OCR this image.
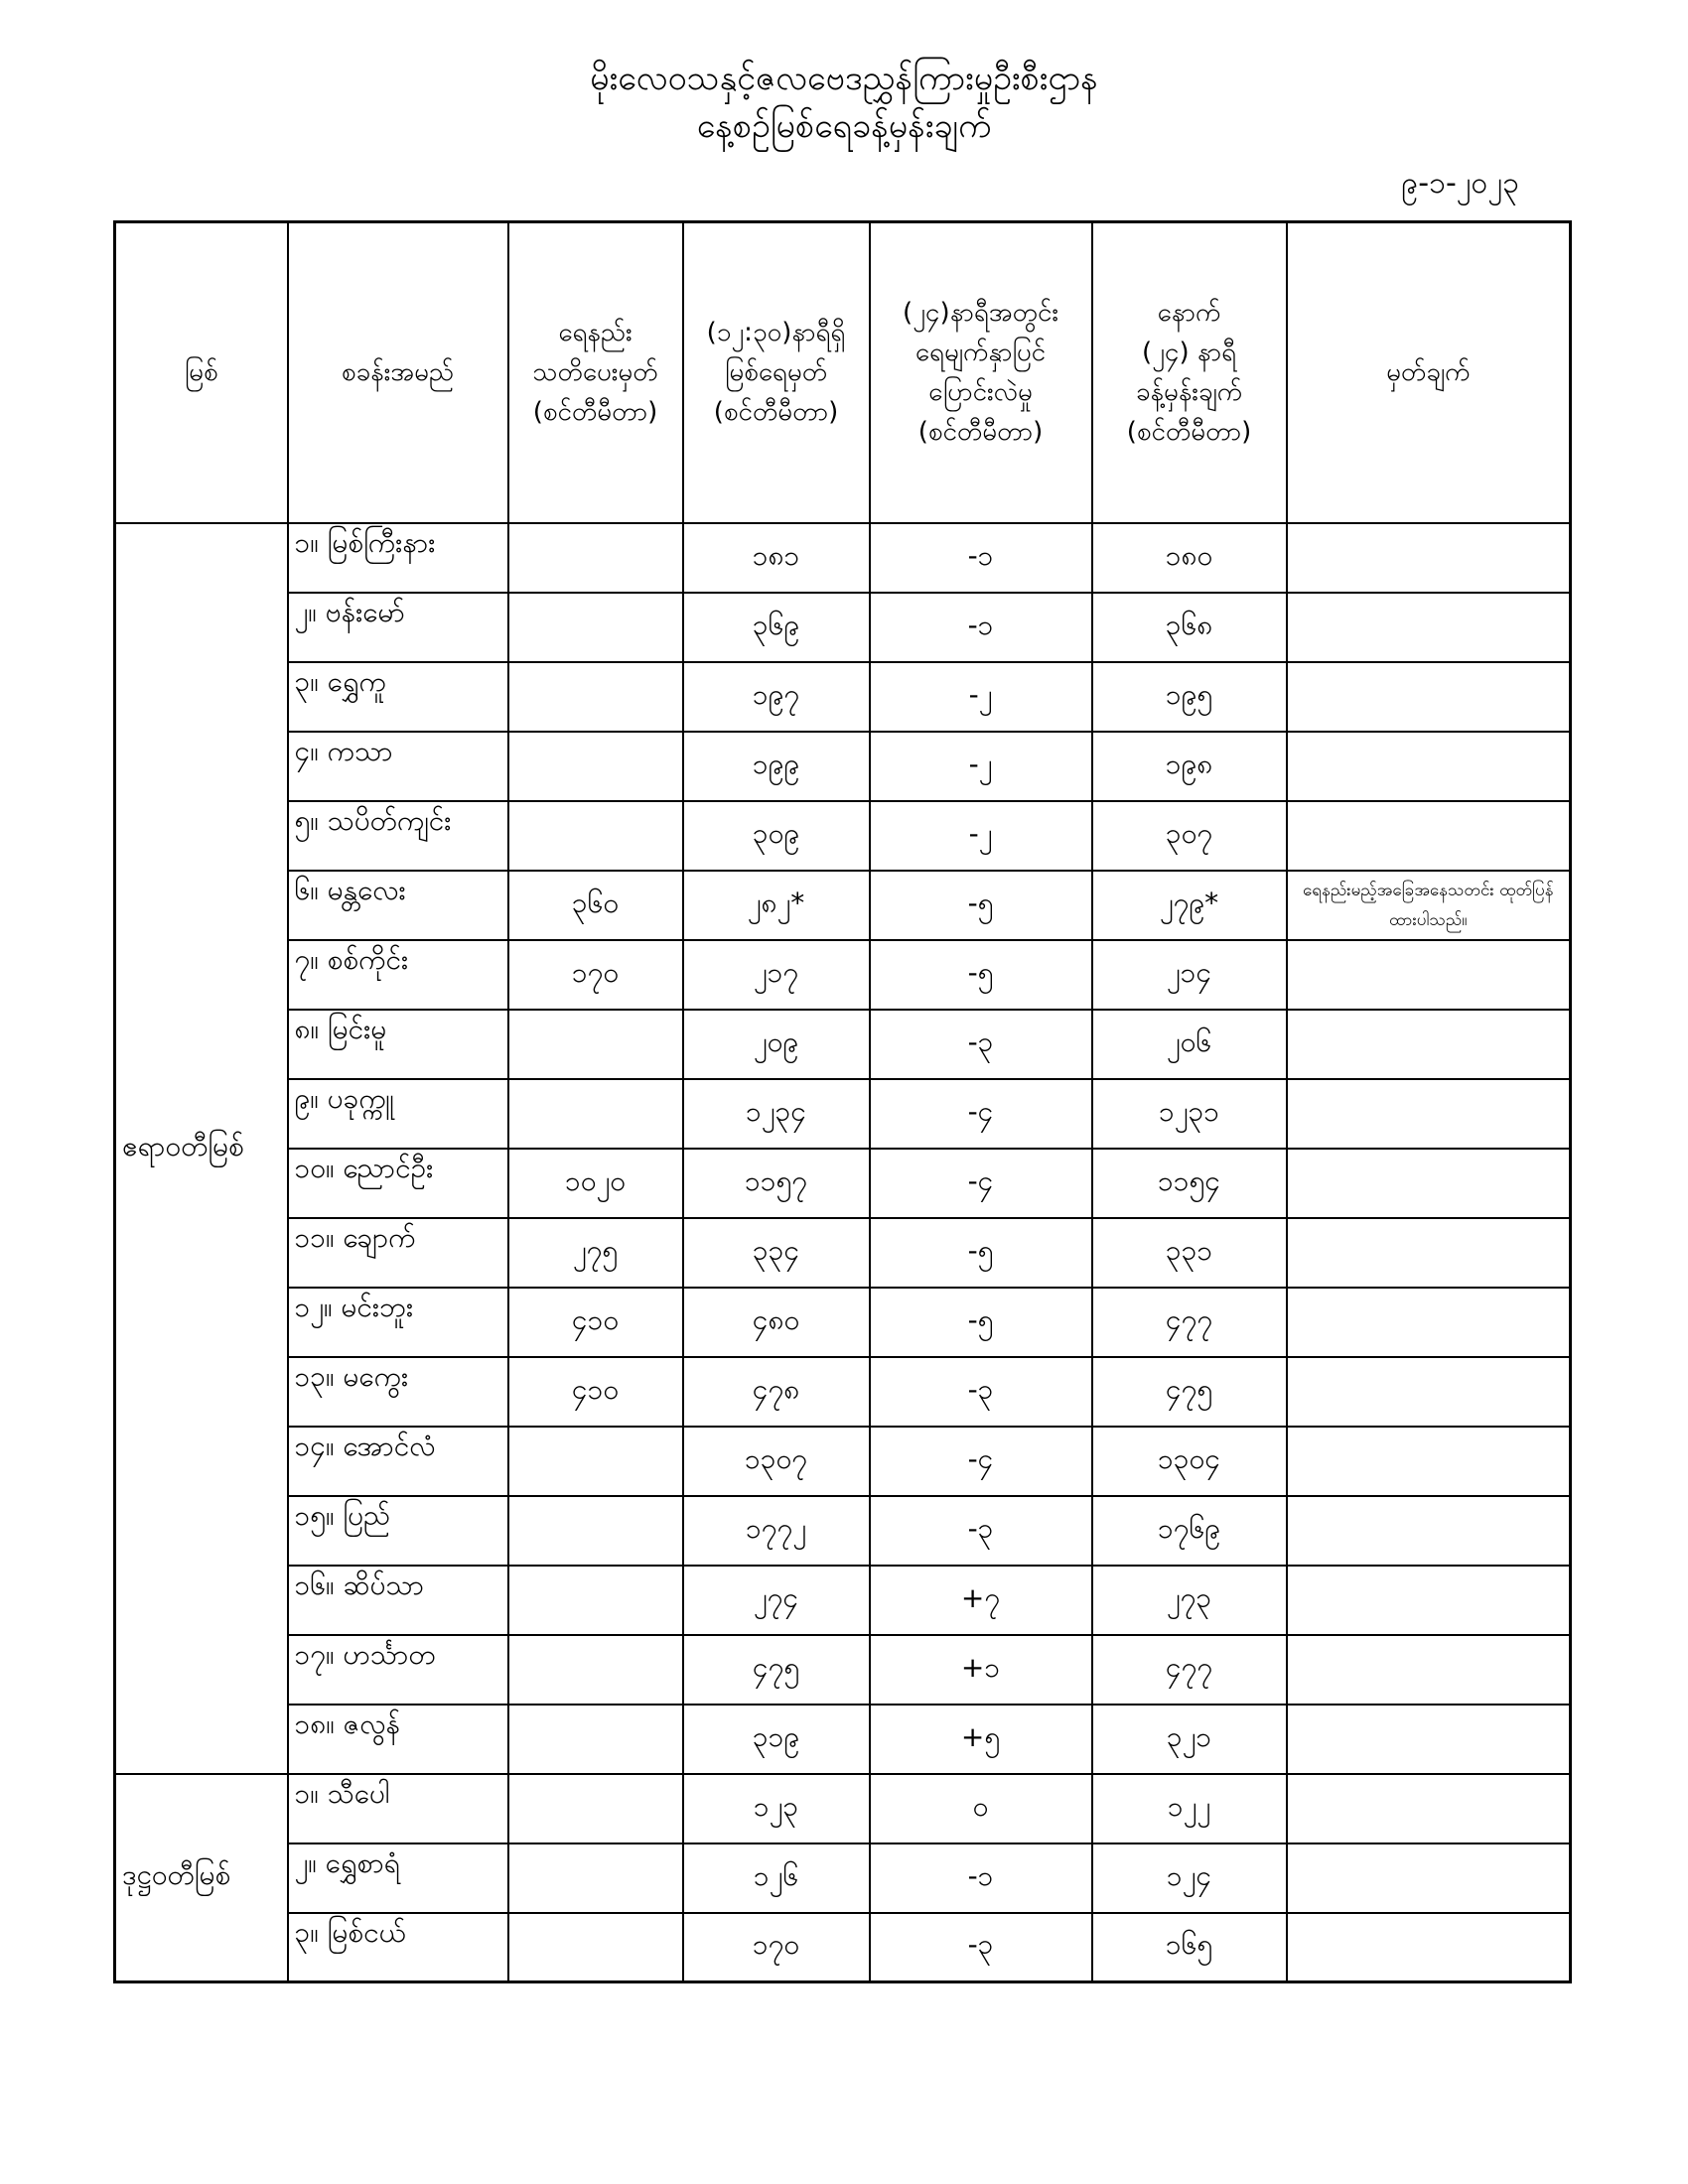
မိုးလေဝသနှင့်ဇလဗေဒညွှန်ကြားမှုဦးစီးဌာန
နေ့စဉ်မြစ်ရေခန့်မှန်းချက်
၉-၁-၂၀၂၃
မြစ်	စခန်းအမည်	ရေနည်း
သတိပေးမှတ်
(စင်တီမီတာ)	(၁၂:၃၀)နာရီရှိ
မြစ်ရေမှတ်
(စင်တီမီတာ)	(၂၄)နာရီအတွင်း
ရေမျက်နှာပြင်
ပြောင်းလဲမှု
(စင်တီမီတာ)	နောက်
(၂၄) နာရီ
ခန့်မှန်းချက်
(စင်တီမီတာ)	မှတ်ချက်
ဧရာဝတီမြစ်	၁။ မြစ်ကြီးနား		၁၈၁	-၁	၁၈၀	
	၂။ ဗန်းမော်		၃၆၉	-၁	၃၆၈	
	၃။ ရွှေကူ		၁၉၇	-၂	၁၉၅	
	၄။ ကသာ		၁၉၉	-၂	၁၉၈	
	၅။ သပိတ်ကျင်း		၃၀၉	-၂	၃၀၇	
	၆။ မန္တလေး	၃၆၀	၂၈၂*	-၅	၂၇၉*	ရေနည်းမည့်အခြေအနေသတင်း ထုတ်ပြန်ထားပါသည်။
	၇။ စစ်ကိုင်း	၁၇၀	၂၁၇	-၅	၂၁၄	
	၈။ မြင်းမူ		၂၀၉	-၃	၂၀၆	
	၉။ ပခုက္ကူ		၁၂၃၄	-၄	၁၂၃၁	
	၁၀။ ညောင်ဦး	၁၀၂၀	၁၁၅၇	-၄	၁၁၅၄	
	၁၁။ ချောက်	၂၇၅	၃၃၄	-၅	၃၃၁	
	၁၂။ မင်းဘူး	၄၁၀	၄၈၀	-၅	၄၇၇	
	၁၃။ မကွေး	၄၁၀	၄၇၈	-၃	၄၇၅	
	၁၄။ အောင်လံ		၁၃၀၇	-၄	၁၃၀၄	
	၁၅။ ပြည်		၁၇၇၂	-၃	၁၇၆၉	
	၁၆။ ဆိပ်သာ		၂၇၄	+၇	၂၇၃	
	၁၇။ ဟင်္သာတ		၄၇၅	+၁	၄၇၇	
	၁၈။ ဇလွန်		၃၁၉	+၅	၃၂၁	
ဒုဋ္ဌဝတီမြစ်	၁။ သီပေါ		၁၂၃	၀	၁၂၂	
	၂။ ရွှေစာရံ		၁၂၆	-၁	၁၂၄	
	၃။ မြစ်ငယ်		၁၇၀	-၃	၁၆၅	
